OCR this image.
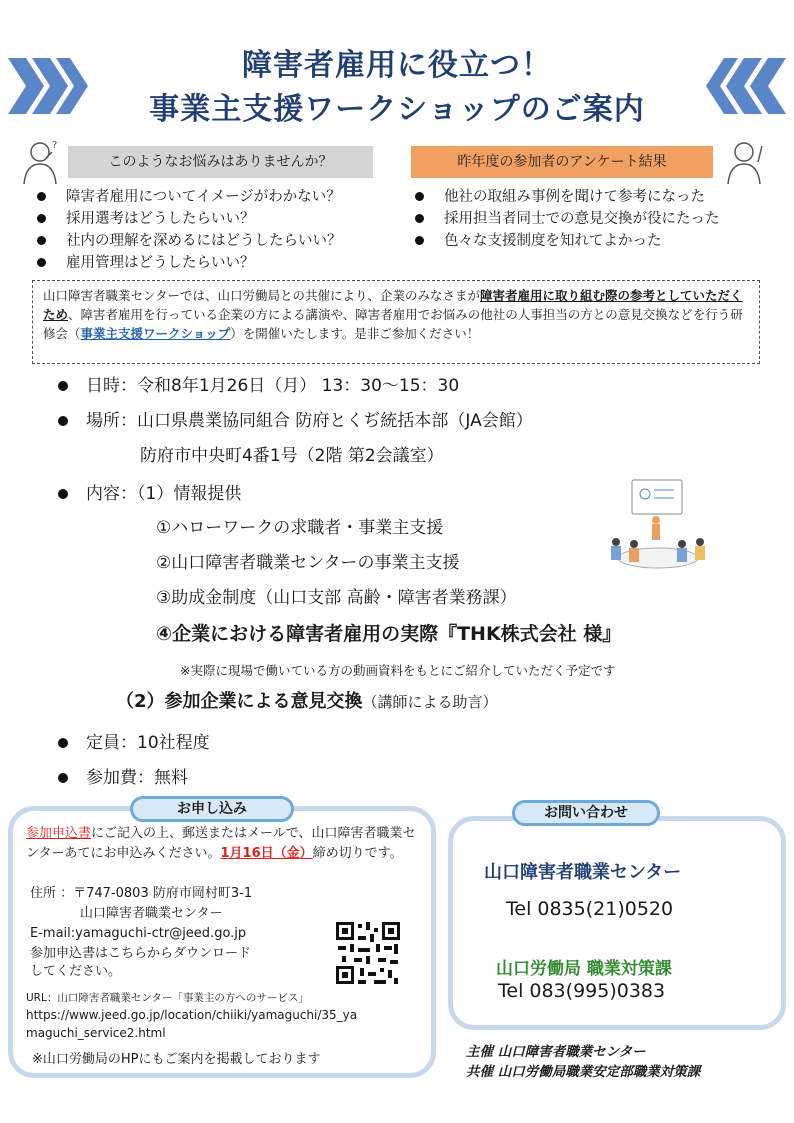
障害者雇用に役立つ！
事業主支援ワークショップのご案内
?
このようなお悩みはありませんか？	昨年度の参加者のアンケート結果
障害者雇用についてイメージがわかない？
採用選考はどうしたらいい？
社内の理解を深めるにはどうしたらいい？
雇用管理はどうしたらいい？
他社の取組み事例を聞けて参考になった
採用担当者同士での意見交換が役にたった
色々な支援制度を知れてよかった
山口障害者職業センターでは、山口労働局との共催により、企業のみなさまが障害者雇用に取り組む際の参考としていただくため、障害者雇用を行っている企業の方による講演や、障害者雇用でお悩みの他社の人事担当の方との意見交換などを行う研修会（事業主支援ワークショップ）を開催いたします。是非ご参加ください！
日時：令和8年1月26日（月） 13：30～15：30
場所：山口県農業協同組合 防府とくぢ統括本部（JA会館）
防府市中央町4番1号（2階 第2会議室）
内容：（1）情報提供
①ハローワークの求職者・事業主支援
②山口障害者職業センターの事業主支援
③助成金制度（山口支部 高齢・障害者業務課）
④企業における障害者雇用の実際『THK株式会社 様』
※実際に現場で働いている方の動画資料をもとにご紹介していただく予定です
（2）参加企業による意見交換（講師による助言）
定員：10社程度
参加費：無料
お申し込み
参加申込書にご記入の上、郵送またはメールで、山口障害者職業センターあてにお申込みください。1月16日（金）締め切りです。
住所 ：〒747-0803 防府市岡村町3-1
山口障害者職業センター
E-mail:yamaguchi-ctr@jeed.go.jp
参加申込書はこちらからダウンロード
してください。
URL：山口障害者職業センター「事業主の方へのサービス」
https://www.jeed.go.jp/location/chiiki/yamaguchi/35_ya
maguchi_service2.html
※山口労働局のHPにもご案内を掲載しております
お問い合わせ
山口障害者職業センター
Tel 0835(21)0520
山口労働局 職業対策課
Tel 083(995)0383
主催 山口障害者職業センター
共催 山口労働局職業安定部職業対策課
